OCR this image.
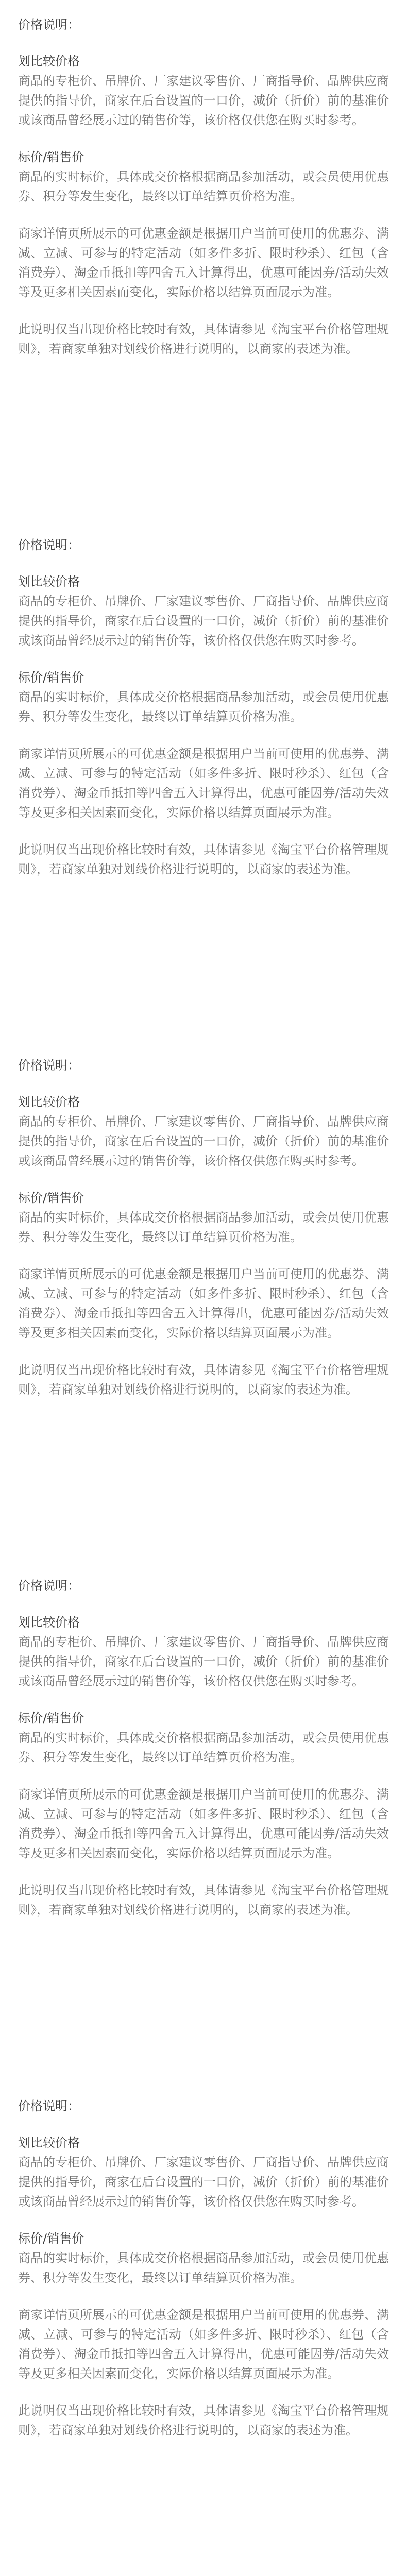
价格说明：
划比较价格

商品的专柜价、吊牌价、厂家建议零售价、厂商指导价、品牌供应商提供的指导价，商家在后台设置的一口价，减价（折价）前的基准价或该商品曾经展示过的销售价等，该价格仅供您在购买时参考。

标价/销售价

商品的实时标价，具体成交价格根据商品参加活动，或会员使用优惠券、积分等发生变化，最终以订单结算页价格为准。

商家详情页所展示的可优惠金额是根据用户当前可使用的优惠券、满减、立减、可参与的特定活动（如多件多折、限时秒杀）、红包（含消费券）、淘金币抵扣等四舍五入计算得出，优惠可能因券/活动失效等及更多相关因素而变化，实际价格以结算页面展示为准。

此说明仅当出现价格比较时有效，具体请参见《淘宝平台价格管理规则》，若商家单独对划线价格进行说明的，以商家的表述为准。

价格说明：
划比较价格

商品的专柜价、吊牌价、厂家建议零售价、厂商指导价、品牌供应商提供的指导价，商家在后台设置的一口价，减价（折价）前的基准价或该商品曾经展示过的销售价等，该价格仅供您在购买时参考。

标价/销售价

商品的实时标价，具体成交价格根据商品参加活动，或会员使用优惠券、积分等发生变化，最终以订单结算页价格为准。

商家详情页所展示的可优惠金额是根据用户当前可使用的优惠券、满减、立减、可参与的特定活动（如多件多折、限时秒杀）、红包（含消费券）、淘金币抵扣等四舍五入计算得出，优惠可能因券/活动失效等及更多相关因素而变化，实际价格以结算页面展示为准。

此说明仅当出现价格比较时有效，具体请参见《淘宝平台价格管理规则》，若商家单独对划线价格进行说明的，以商家的表述为准。

价格说明：
划比较价格

商品的专柜价、吊牌价、厂家建议零售价、厂商指导价、品牌供应商提供的指导价，商家在后台设置的一口价，减价（折价）前的基准价或该商品曾经展示过的销售价等，该价格仅供您在购买时参考。

标价/销售价

商品的实时标价，具体成交价格根据商品参加活动，或会员使用优惠券、积分等发生变化，最终以订单结算页价格为准。

商家详情页所展示的可优惠金额是根据用户当前可使用的优惠券、满减、立减、可参与的特定活动（如多件多折、限时秒杀）、红包（含消费券）、淘金币抵扣等四舍五入计算得出，优惠可能因券/活动失效等及更多相关因素而变化，实际价格以结算页面展示为准。

此说明仅当出现价格比较时有效，具体请参见《淘宝平台价格管理规则》，若商家单独对划线价格进行说明的，以商家的表述为准。

价格说明：
划比较价格

商品的专柜价、吊牌价、厂家建议零售价、厂商指导价、品牌供应商提供的指导价，商家在后台设置的一口价，减价（折价）前的基准价或该商品曾经展示过的销售价等，该价格仅供您在购买时参考。

标价/销售价

商品的实时标价，具体成交价格根据商品参加活动，或会员使用优惠券、积分等发生变化，最终以订单结算页价格为准。

商家详情页所展示的可优惠金额是根据用户当前可使用的优惠券、满减、立减、可参与的特定活动（如多件多折、限时秒杀）、红包（含消费券）、淘金币抵扣等四舍五入计算得出，优惠可能因券/活动失效等及更多相关因素而变化，实际价格以结算页面展示为准。

此说明仅当出现价格比较时有效，具体请参见《淘宝平台价格管理规则》，若商家单独对划线价格进行说明的，以商家的表述为准。

价格说明：
划比较价格

商品的专柜价、吊牌价、厂家建议零售价、厂商指导价、品牌供应商提供的指导价，商家在后台设置的一口价，减价（折价）前的基准价或该商品曾经展示过的销售价等，该价格仅供您在购买时参考。

标价/销售价

商品的实时标价，具体成交价格根据商品参加活动，或会员使用优惠券、积分等发生变化，最终以订单结算页价格为准。

商家详情页所展示的可优惠金额是根据用户当前可使用的优惠券、满减、立减、可参与的特定活动（如多件多折、限时秒杀）、红包（含消费券）、淘金币抵扣等四舍五入计算得出，优惠可能因券/活动失效等及更多相关因素而变化，实际价格以结算页面展示为准。

此说明仅当出现价格比较时有效，具体请参见《淘宝平台价格管理规则》，若商家单独对划线价格进行说明的，以商家的表述为准。
